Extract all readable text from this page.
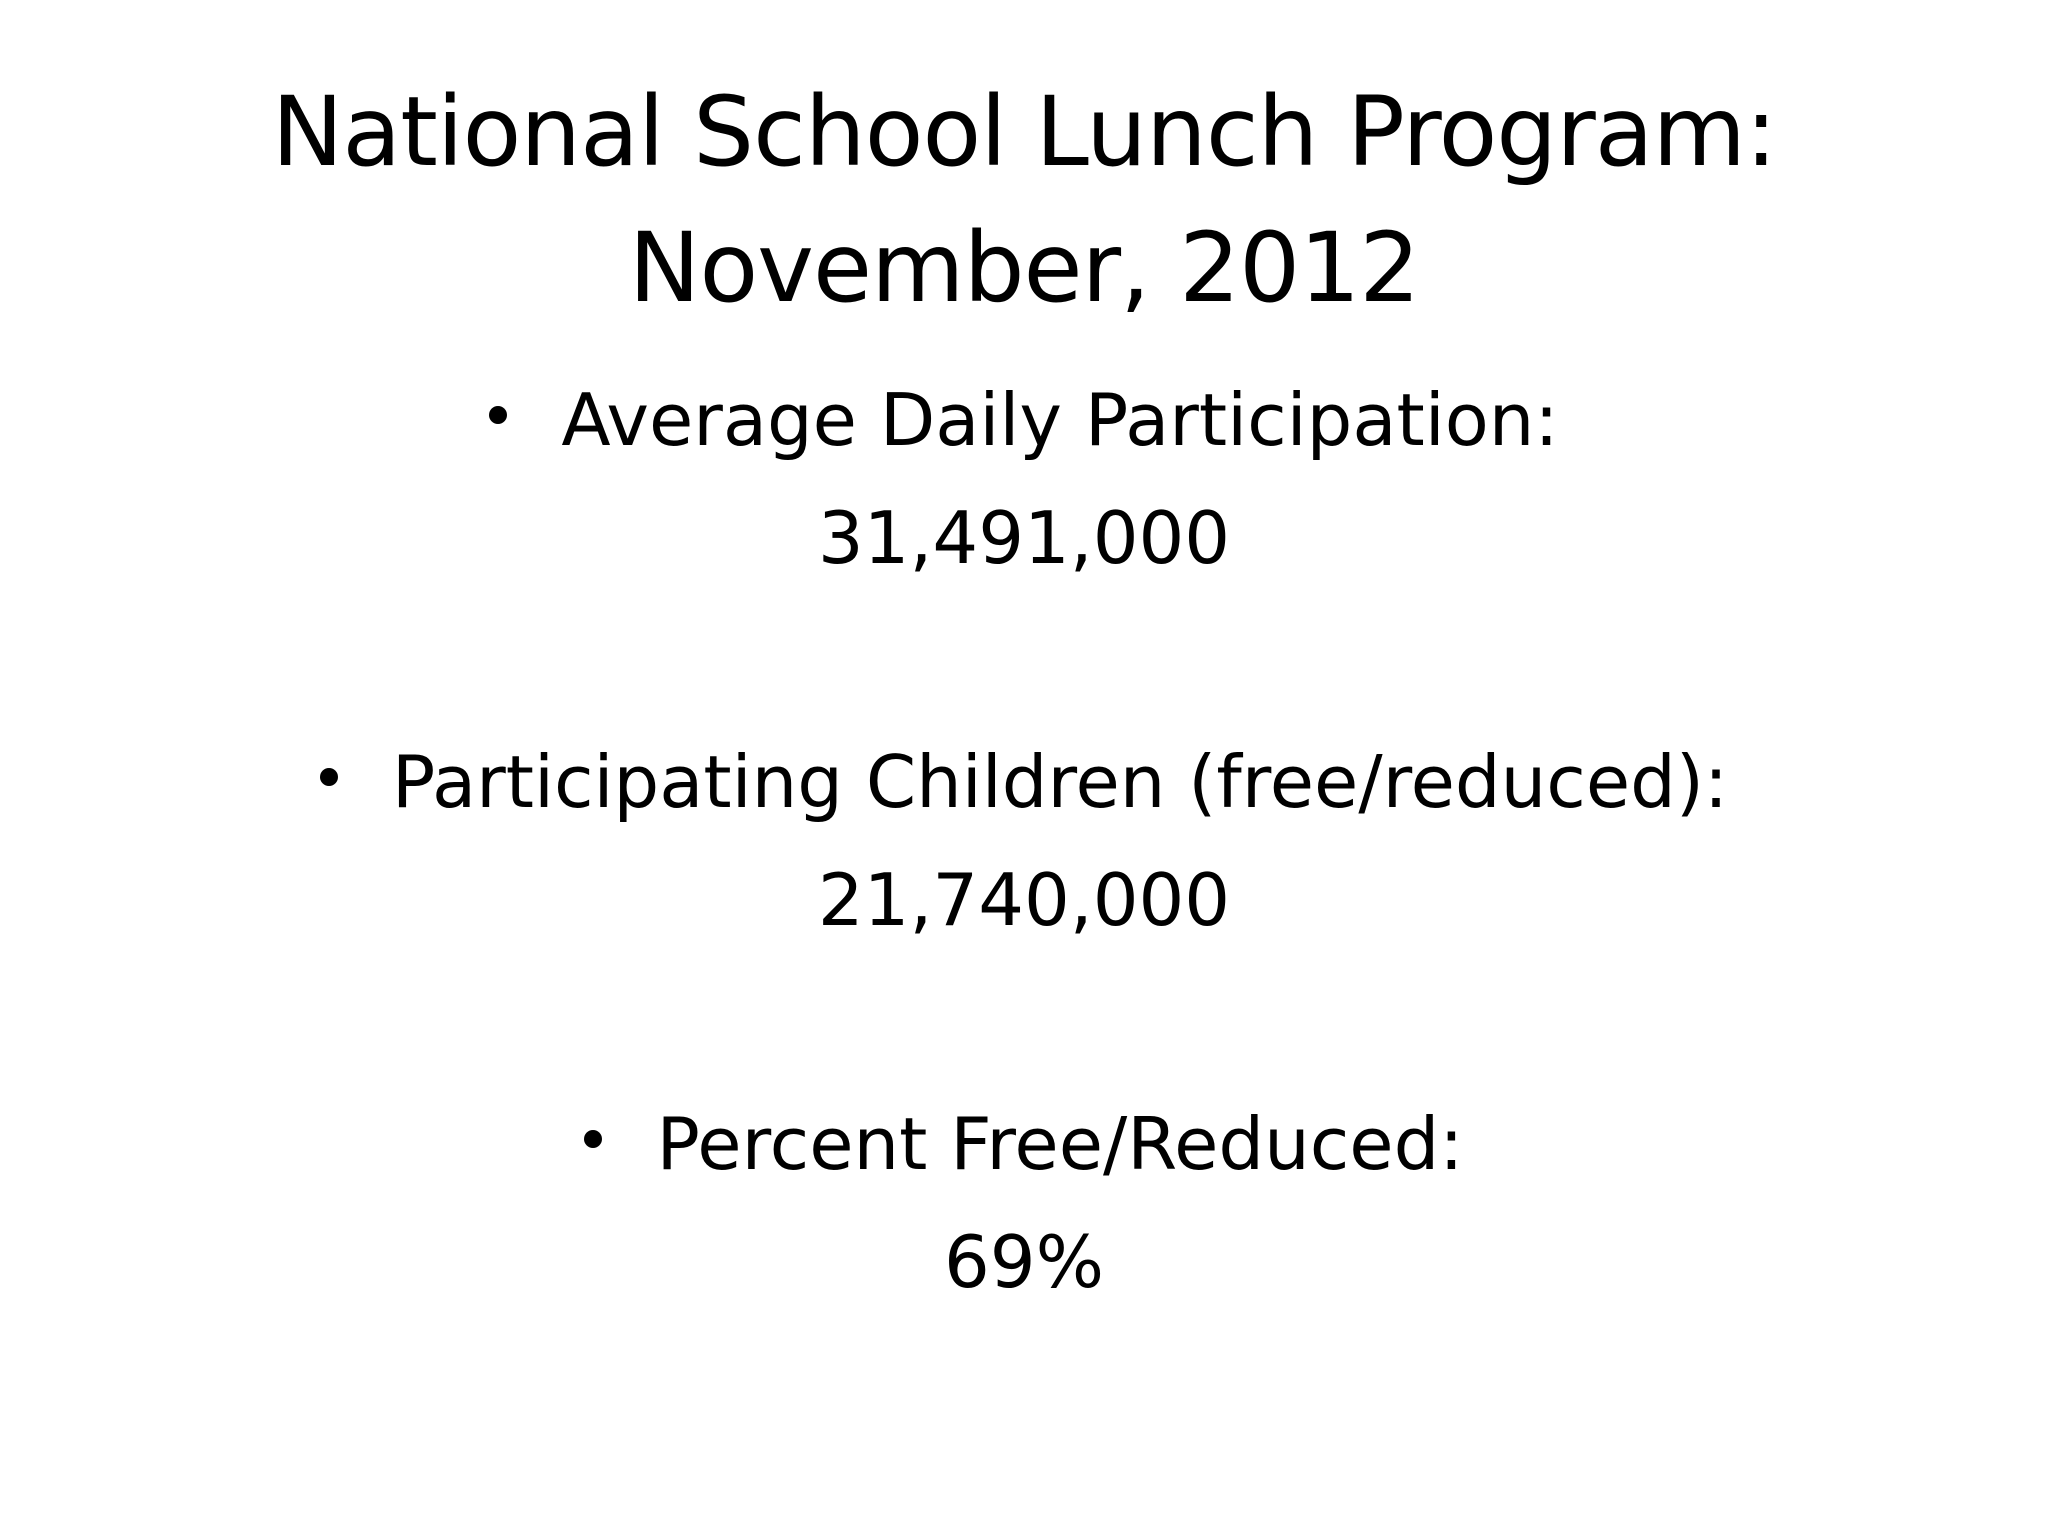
National School Lunch Program:
November, 2012
Average Daily Participation:
31,491,000
Participating Children (free/reduced):
21,740,000
Percent Free/Reduced:
69%
